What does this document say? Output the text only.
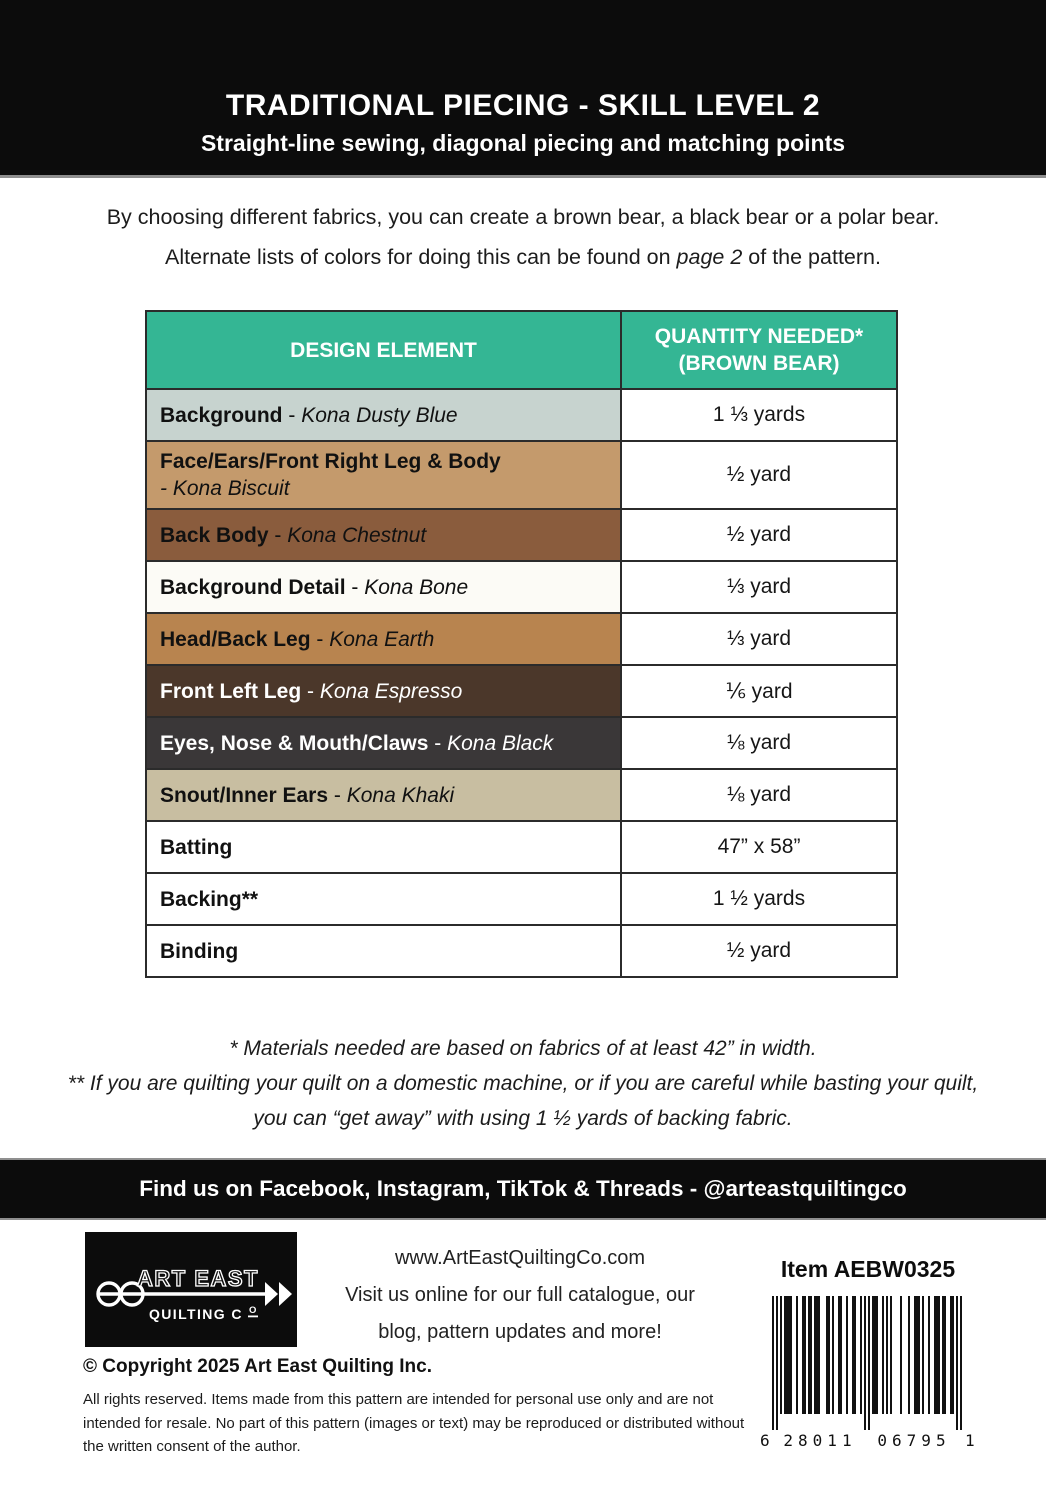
TRADITIONAL PIECING - SKILL LEVEL 2
Straight-line sewing, diagonal piecing and matching points
By choosing different fabrics, you can create a brown bear, a black bear or a polar bear. Alternate lists of colors for doing this can be found on page 2 of the pattern.
DESIGN ELEMENT	QUANTITY NEEDED*
(BROWN BEAR)

Background - Kona Dusty Blue	1 ⅓ yards
Face/Ears/Front Right Leg & Body
- Kona Biscuit	½ yard
Back Body - Kona Chestnut	½ yard
Background Detail - Kona Bone	⅓ yard
Head/Back Leg - Kona Earth	⅓ yard
Front Left Leg - Kona Espresso	⅙ yard
Eyes, Nose & Mouth/Claws - Kona Black	⅛ yard
Snout/Inner Ears - Kona Khaki	⅛ yard
Batting	47” x 58”
Backing**	1 ½ yards
Binding	½ yard
* Materials needed are based on fabrics of at least 42” in width.
** If you are quilting your quilt on a domestic machine, or if you are careful while basting your quilt, you can “get away” with using 1 ½ yards of backing fabric.
Find us on Facebook, Instagram, TikTok & Threads - @arteastquiltingco
ART EAST
QUILTING C O
www.ArtEastQuiltingCo.com
Visit us online for our full catalogue, our
blog, pattern updates and more!
Item AEBW0325
6 28011 06795 1
© Copyright 2025 Art East Quilting Inc.
All rights reserved. Items made from this pattern are intended for personal use only and are not intended for resale. No part of this pattern (images or text) may be reproduced or distributed without the written consent of the author.
